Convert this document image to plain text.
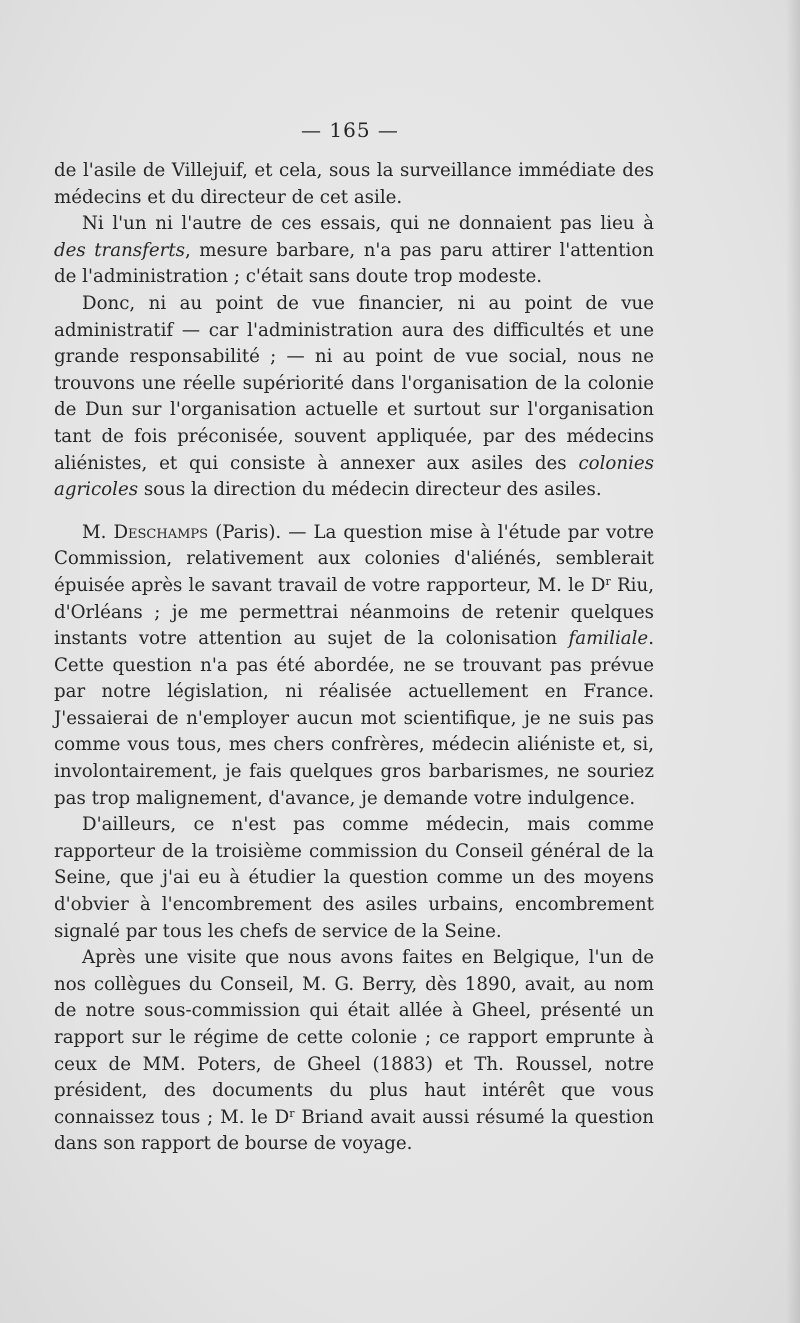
— 165 —

de l'asile de Villejuif, et cela, sous la surveillance immédiate des médecins et du directeur de cet asile.

Ni l'un ni l'autre de ces essais, qui ne donnaient pas lieu à des transferts, mesure barbare, n'a pas paru attirer l'attention de l'administration ; c'était sans doute trop modeste.

Donc, ni au point de vue financier, ni au point de vue administratif — car l'administration aura des difficultés et une grande responsabilité ; — ni au point de vue social, nous ne trouvons une réelle supériorité dans l'organisation de la colonie de Dun sur l'organisation actuelle et surtout sur l'organisation tant de fois préconisée, souvent appliquée, par des médecins aliénistes, et qui consiste à annexer aux asiles des colonies agricoles sous la direction du médecin directeur des asiles.

M. Deschamps (Paris). — La question mise à l'étude par votre Commission, relativement aux colonies d'aliénés, semblerait épuisée après le savant travail de votre rapporteur, M. le $D^r$ Riu, d'Orléans ; je me permettrai néanmoins de retenir quelques instants votre attention au sujet de la colonisation familiale. Cette question n'a pas été abordée, ne se trouvant pas prévue par notre législation, ni réalisée actuellement en France. J'essaierai de n'employer aucun mot scientifique, je ne suis pas comme vous tous, mes chers confrères, médecin aliéniste et, si, involontairement, je fais quelques gros barbarismes, ne souriez pas trop malignement, d'avance, je demande votre indulgence.

D'ailleurs, ce n'est pas comme médecin, mais comme rapporteur de la troisième commission du Conseil général de la Seine, que j'ai eu à étudier la question comme un des moyens d'obvier à l'encombrement des asiles urbains, encombrement signalé par tous les chefs de service de la Seine.

Après une visite que nous avons faites en Belgique, l'un de nos collègues du Conseil, M. G. Berry, dès 1890, avait, au nom de notre sous-commission qui était allée à Gheel, présenté un rapport sur le régime de cette colonie ; ce rapport emprunte à ceux de MM. Poters, de Gheel (1883) et Th. Roussel, notre président, des documents du plus haut intérêt que vous connaissez tous ; M. le $D^r$ Briand avait aussi résumé la question dans son rapport de bourse de voyage.
